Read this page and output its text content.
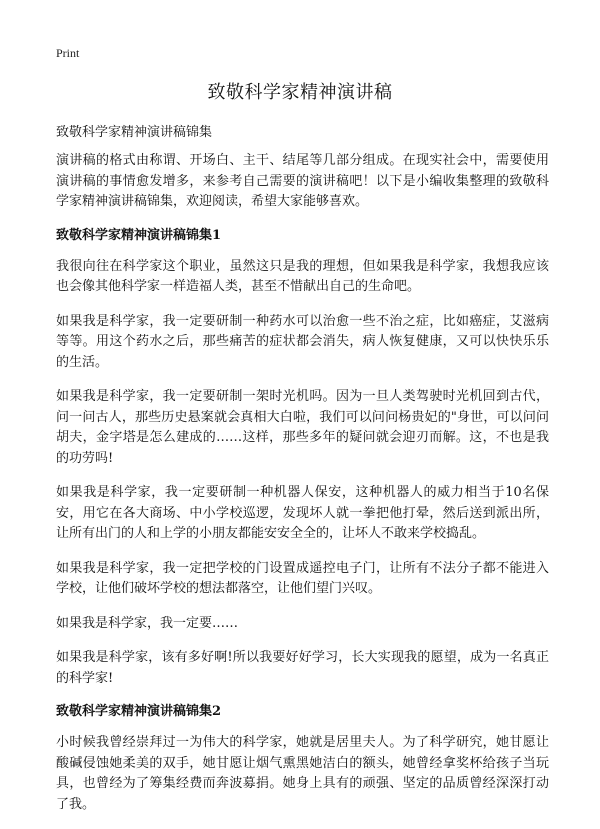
Print
致敬科学家精神演讲稿
致敬科学家精神演讲稿锦集

演讲稿的格式由称谓、开场白、主干、结尾等几部分组成。在现实社会中，需要使用演讲稿的事情愈发增多，来参考自己需要的演讲稿吧！以下是小编收集整理的致敬科学家精神演讲稿锦集，欢迎阅读，希望大家能够喜欢。

致敬科学家精神演讲稿锦集1

我很向往在科学家这个职业，虽然这只是我的理想，但如果我是科学家，我想我应该也会像其他科学家一样造福人类，甚至不惜献出自己的生命吧。

如果我是科学家，我一定要研制一种药水可以治愈一些不治之症，比如癌症，艾滋病等等。用这个药水之后，那些痛苦的症状都会消失，病人恢复健康，又可以快快乐乐的生活。

如果我是科学家，我一定要研制一架时光机吗。因为一旦人类驾驶时光机回到古代，问一问古人，那些历史悬案就会真相大白啦，我们可以问问杨贵妃的"身世，可以问问胡夫，金字塔是怎么建成的……这样，那些多年的疑问就会迎刃而解。这，不也是我的功劳吗!

如果我是科学家，我一定要研制一种机器人保安，这种机器人的威力相当于10名保安，用它在各大商场、中小学校巡逻，发现坏人就一拳把他打晕，然后送到派出所，让所有出门的人和上学的小朋友都能安安全全的，让坏人不敢来学校捣乱。

如果我是科学家，我一定把学校的门设置成遥控电子门，让所有不法分子都不能进入学校，让他们破坏学校的想法都落空，让他们望门兴叹。

如果我是科学家，我一定要……

如果我是科学家，该有多好啊!所以我要好好学习，长大实现我的愿望，成为一名真正的科学家!

致敬科学家精神演讲稿锦集2

小时候我曾经崇拜过一为伟大的科学家，她就是居里夫人。为了科学研究，她甘愿让酸碱侵蚀她柔美的双手，她甘愿让烟气熏黑她洁白的额头，她曾经拿奖杯给孩子当玩具，也曾经为了筹集经费而奔波募捐。她身上具有的顽强、坚定的品质曾经深深打动了我。
